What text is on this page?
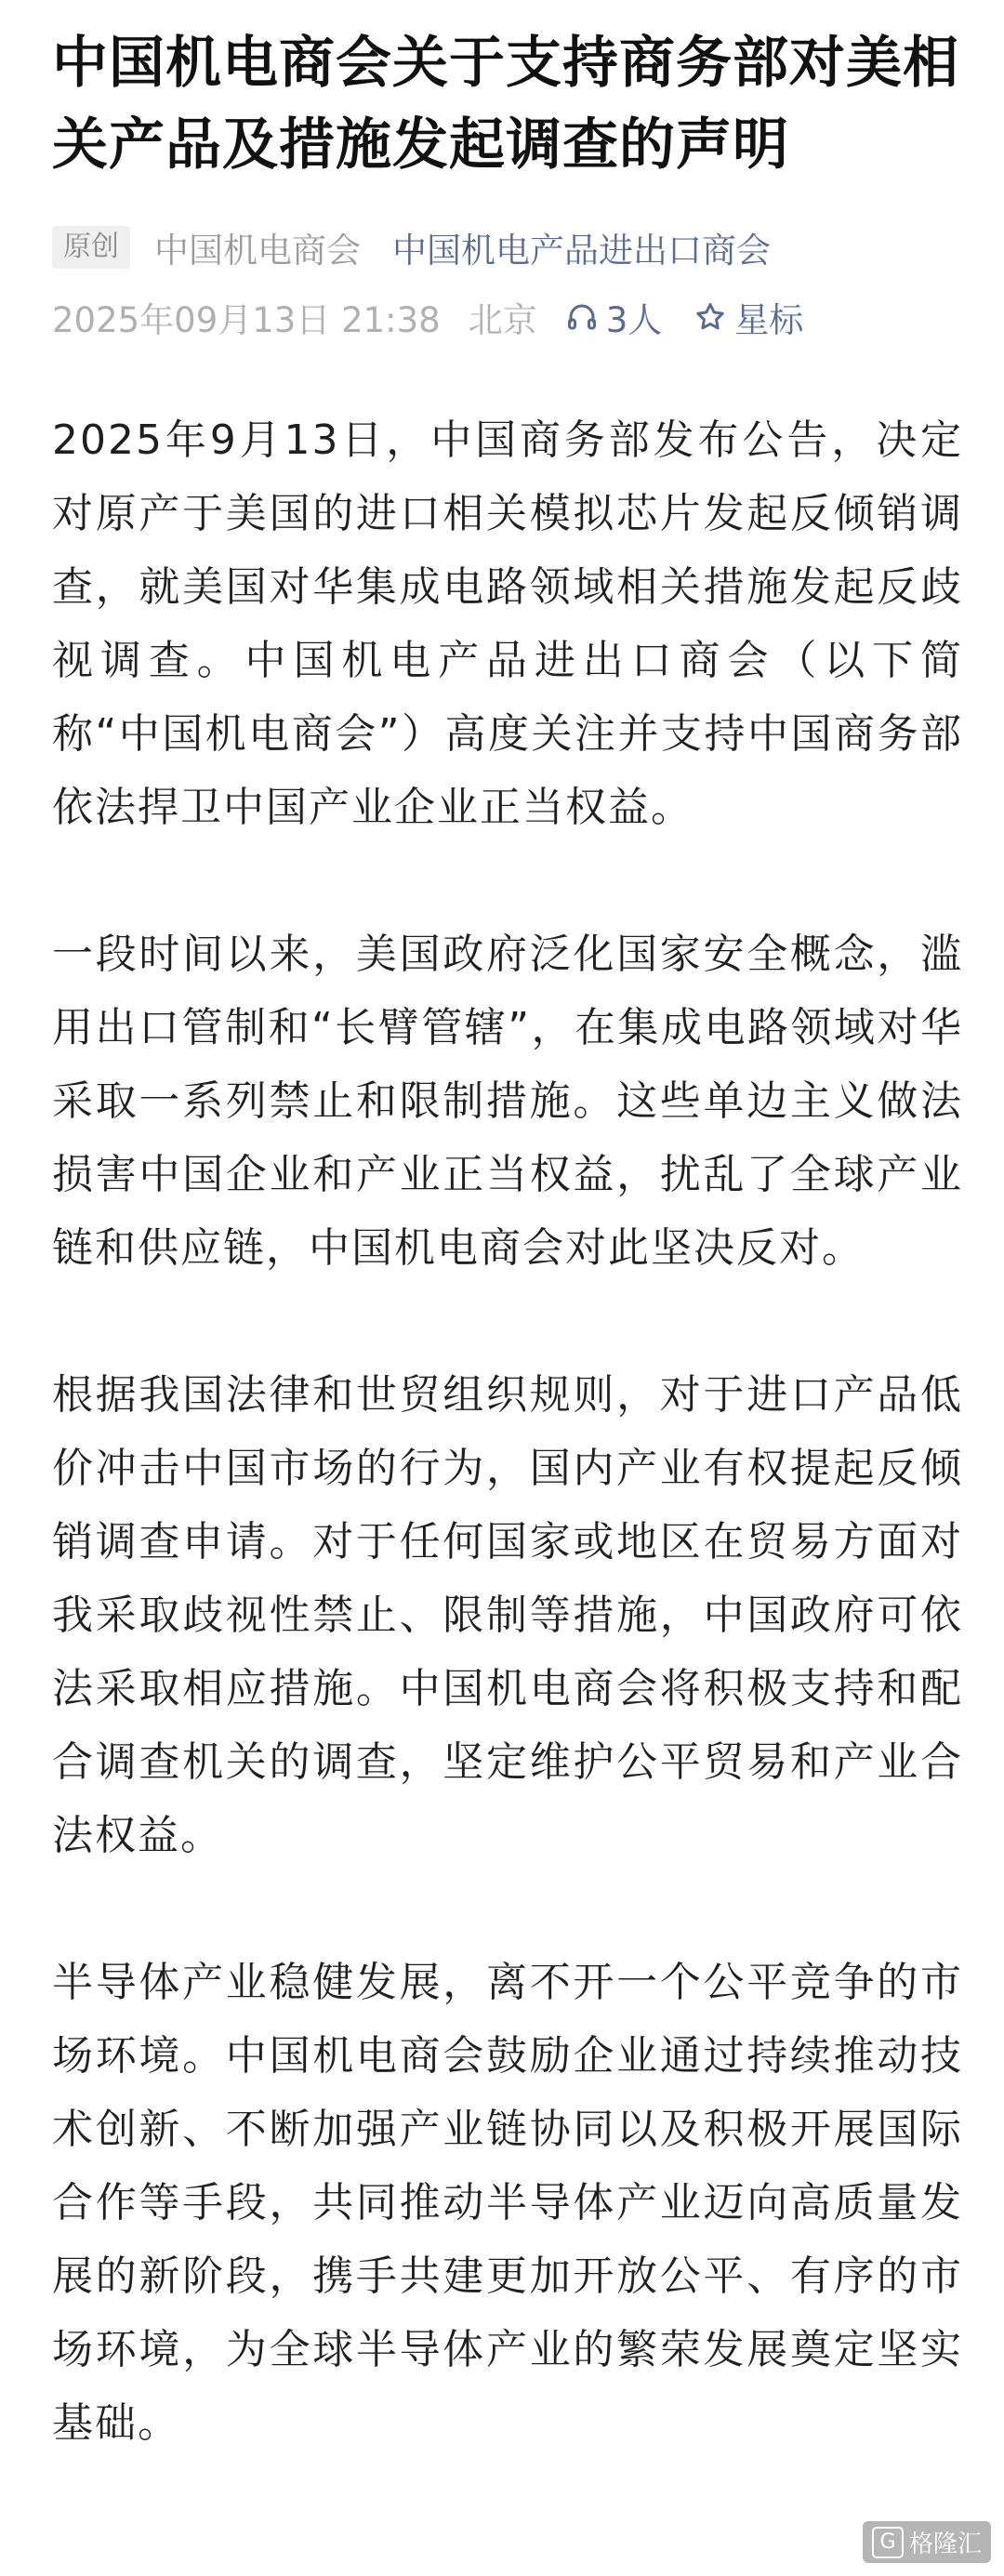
中国机电商会关于支持商务部对美相关产品及措施发起调查的声明
原创	中国机电商会 中国机电产品进出口商会
2025年09月13日 21:38 北京 3人 星标

2025年9月13日，中国商务部发布公告，决定对原产于美国的进口相关模拟芯片发起反倾销调查，就美国对华集成电路领域相关措施发起反歧视调查。中国机电产品进出口商会（以下简称“中国机电商会”）高度关注并支持中国商务部依法捍卫中国产业企业正当权益。

一段时间以来，美国政府泛化国家安全概念，滥用出口管制和“长臂管辖”，在集成电路领域对华采取一系列禁止和限制措施。这些单边主义做法损害中国企业和产业正当权益，扰乱了全球产业链和供应链，中国机电商会对此坚决反对。

根据我国法律和世贸组织规则，对于进口产品低价冲击中国市场的行为，国内产业有权提起反倾销调查申请。对于任何国家或地区在贸易方面对我采取歧视性禁止、限制等措施，中国政府可依法采取相应措施。中国机电商会将积极支持和配合调查机关的调查，坚定维护公平贸易和产业合法权益。

半导体产业稳健发展，离不开一个公平竞争的市场环境。中国机电商会鼓励企业通过持续推动技术创新、不断加强产业链协同以及积极开展国际合作等手段，共同推动半导体产业迈向高质量发展的新阶段，携手共建更加开放公平、有序的市场环境，为全球半导体产业的繁荣发展奠定坚实基础。

G 格隆汇
